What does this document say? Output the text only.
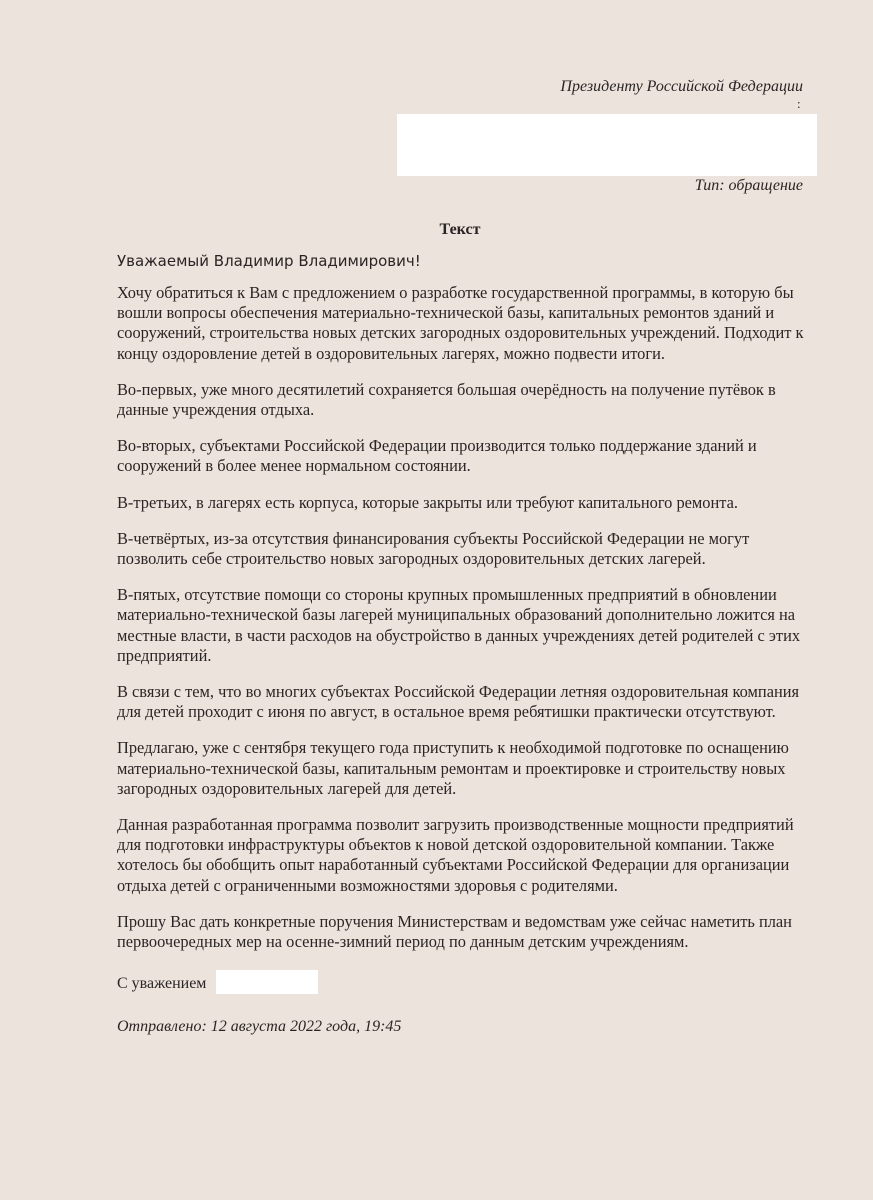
Президенту Российской Федерации
:
Тип: обращение
Текст
Уважаемый Владимир Владимирович!

Хочу обратиться к Вам с предложением о разработке государственной программы, в которую бы вошли вопросы обеспечения материально-технической базы, капитальных ремонтов зданий и сооружений, строительства новых детских загородных оздоровительных учреждений. Подходит к концу оздоровление детей в оздоровительных лагерях, можно подвести итоги.

Во-первых, уже много десятилетий сохраняется большая очерёдность на получение путёвок в данные учреждения отдыха.

Во-вторых, субъектами Российской Федерации производится только поддержание зданий и сооружений в более менее нормальном состоянии.

В-третьих, в лагерях есть корпуса, которые закрыты или требуют капитального ремонта.

В-четвёртых, из-за отсутствия финансирования субъекты Российской Федерации не могут позволить себе строительство новых загородных оздоровительных детских лагерей.

В-пятых, отсутствие помощи со стороны крупных промышленных предприятий в обновлении материально-технической базы лагерей муниципальных образований дополнительно ложится на местные власти, в части расходов на обустройство в данных учреждениях детей родителей с этих предприятий.

В связи с тем, что во многих субъектах Российской Федерации летняя оздоровительная компания для детей проходит с июня по август, в остальное время ребятишки практически отсутствуют.

Предлагаю, уже с сентября текущего года приступить к необходимой подготовке по оснащению материально-технической базы, капитальным ремонтам и проектировке и строительству новых загородных оздоровительных лагерей для детей.

Данная разработанная программа позволит загрузить производственные мощности предприятий для подготовки инфраструктуры объектов к новой детской оздоровительной компании. Также хотелось бы обобщить опыт наработанный субъектами Российской Федерации для организации отдыха детей с ограниченными возможностями здоровья с родителями.

Прошу Вас дать конкретные поручения Министерствам и ведомствам уже сейчас наметить план первоочередных мер на осенне-зимний период по данным детским учреждениям.

С уважением
Отправлено: 12 августа 2022 года, 19:45
